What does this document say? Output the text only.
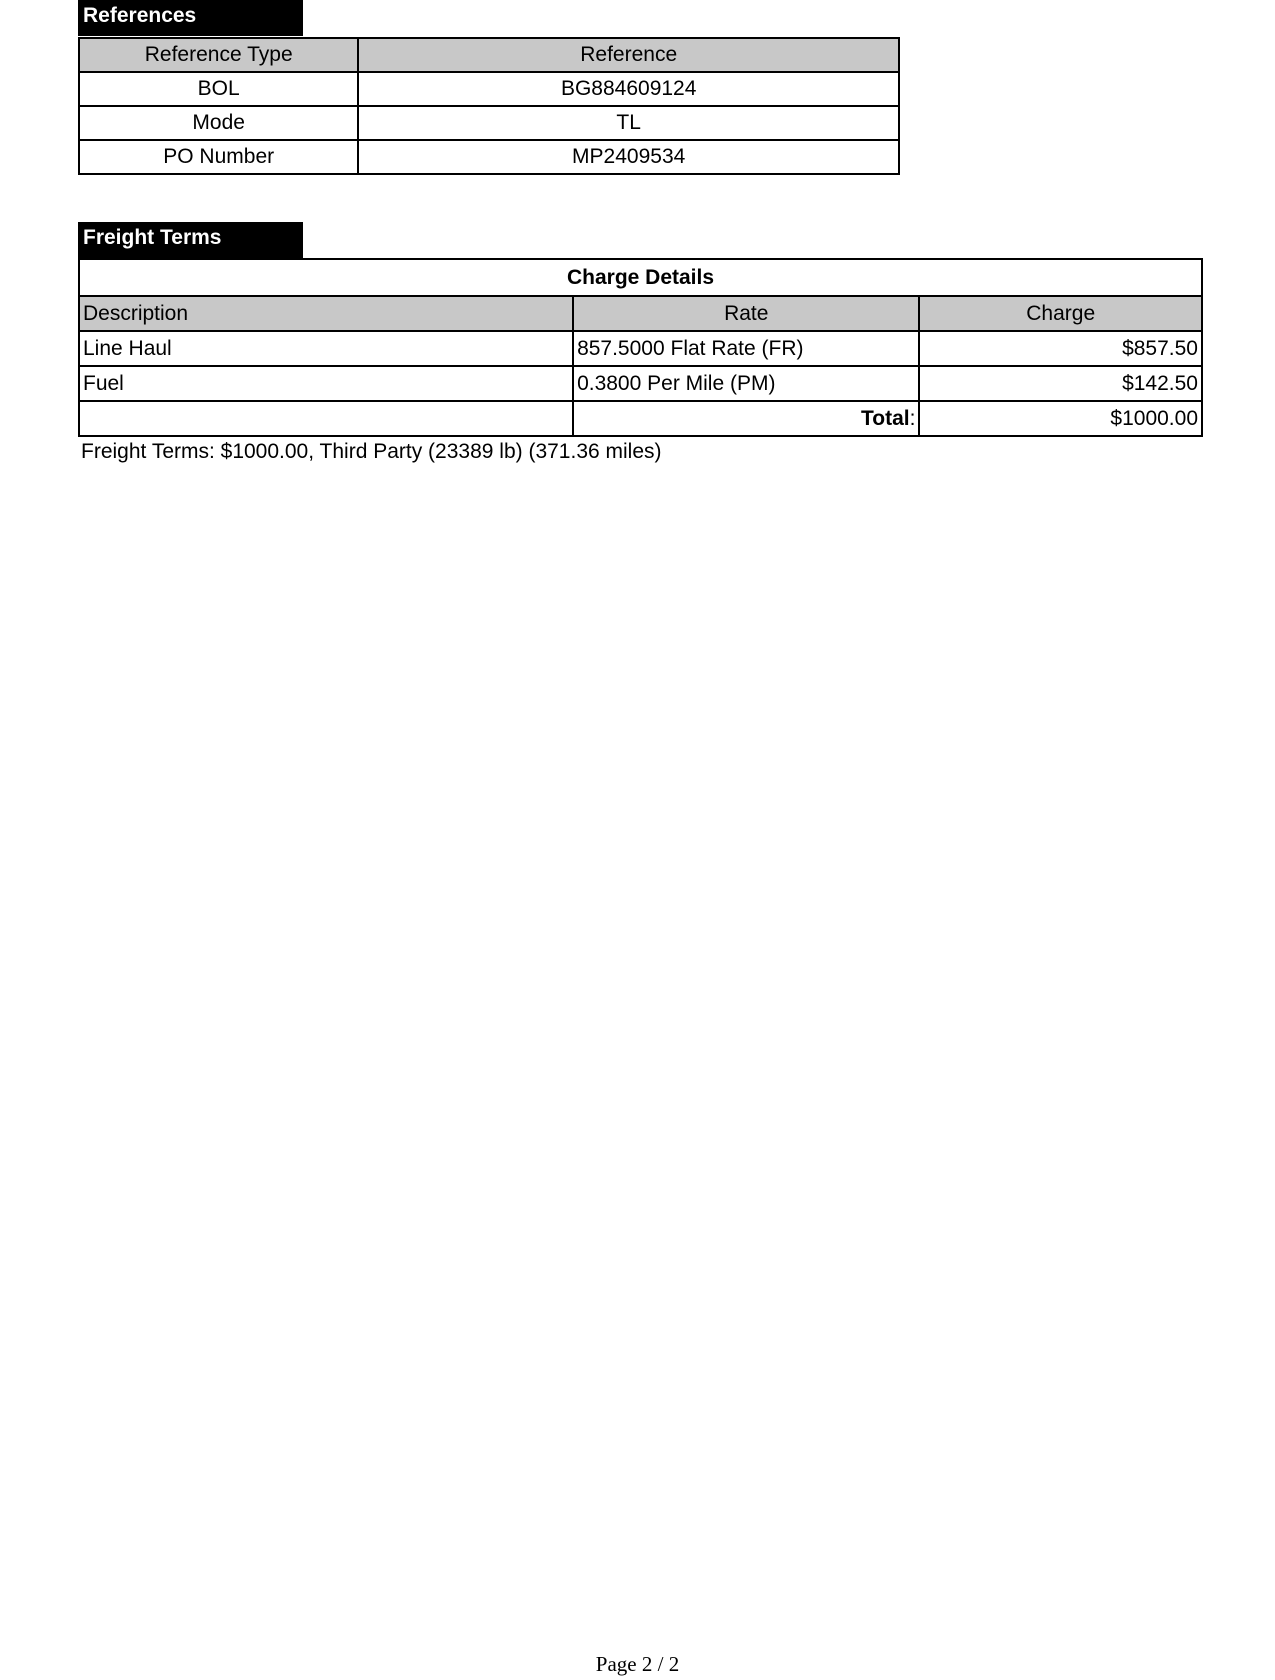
References
Reference Type	Reference
BOL	BG884609124
Mode	TL
PO Number	MP2409534
Freight Terms
Charge Details		
Description	Rate	Charge
Line Haul	857.5000 Flat Rate (FR)	$857.50
Fuel	0.3800 Per Mile (PM)	$142.50
	Total:	$1000.00
Freight Terms: $1000.00, Third Party (23389 lb) (371.36 miles)
Page 2 / 2
